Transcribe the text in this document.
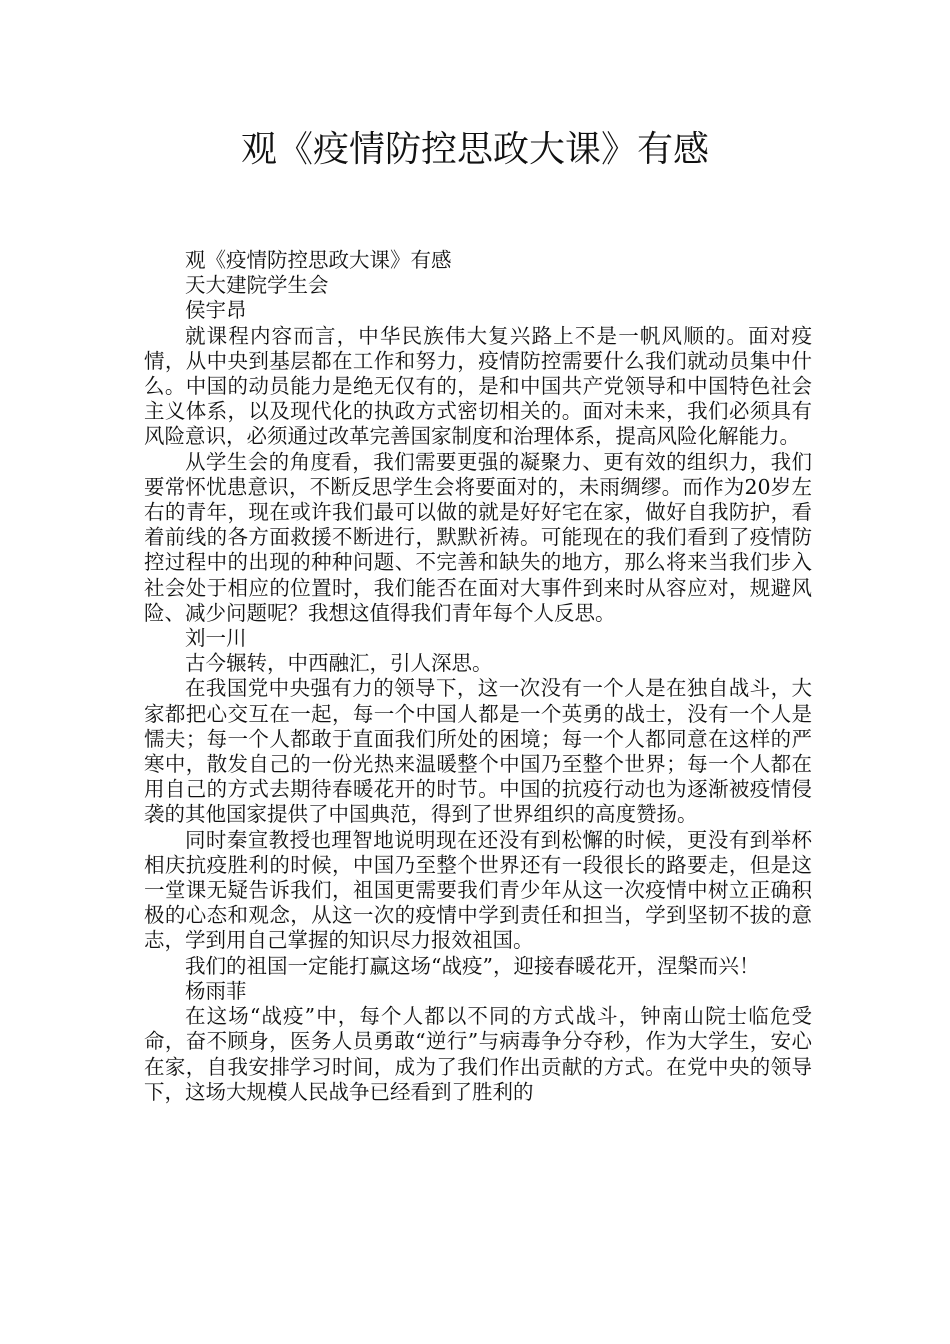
观《疫情防控思政大课》有感

观《疫情防控思政大课》有感

天大建院学生会

侯宇昂

就课程内容而言，中华民族伟大复兴路上不是一帆风顺的。面对疫情，从中央到基层都在工作和努力，疫情防控需要什么我们就动员集中什么。中国的动员能力是绝无仅有的，是和中国共产党领导和中国特色社会主义体系，以及现代化的执政方式密切相关的。面对未来，我们必须具有风险意识，必须通过改革完善国家制度和治理体系，提高风险化解能力。

从学生会的角度看，我们需要更强的凝聚力、更有效的组织力，我们要常怀忧患意识，不断反思学生会将要面对的，未雨绸缪。而作为20岁左右的青年，现在或许我们最可以做的就是好好宅在家，做好自我防护，看着前线的各方面救援不断进行，默默祈祷。可能现在的我们看到了疫情防控过程中的出现的种种问题、不完善和缺失的地方，那么将来当我们步入社会处于相应的位置时，我们能否在面对大事件到来时从容应对，规避风险、减少问题呢？我想这值得我们青年每个人反思。

刘一川

古今辗转，中西融汇，引人深思。

在我国党中央强有力的领导下，这一次没有一个人是在独自战斗，大家都把心交互在一起，每一个中国人都是一个英勇的战士，没有一个人是懦夫；每一个人都敢于直面我们所处的困境；每一个人都同意在这样的严寒中，散发自己的一份光热来温暖整个中国乃至整个世界；每一个人都在用自己的方式去期待春暖花开的时节。中国的抗疫行动也为逐渐被疫情侵袭的其他国家提供了中国典范，得到了世界组织的高度赞扬。

同时秦宣教授也理智地说明现在还没有到松懈的时候，更没有到举杯相庆抗疫胜利的时候，中国乃至整个世界还有一段很长的路要走，但是这一堂课无疑告诉我们，祖国更需要我们青少年从这一次疫情中树立正确积极的心态和观念，从这一次的疫情中学到责任和担当，学到坚韧不拔的意志，学到用自己掌握的知识尽力报效祖国。

我们的祖国一定能打赢这场“战疫”，迎接春暖花开，涅槃而兴！

杨雨菲

在这场“战疫”中，每个人都以不同的方式战斗，钟南山院士临危受命，奋不顾身，医务人员勇敢“逆行”与病毒争分夺秒，作为大学生，安心在家，自我安排学习时间，成为了我们作出贡献的方式。在党中央的领导下，这场大规模人民战争已经看到了胜利的
